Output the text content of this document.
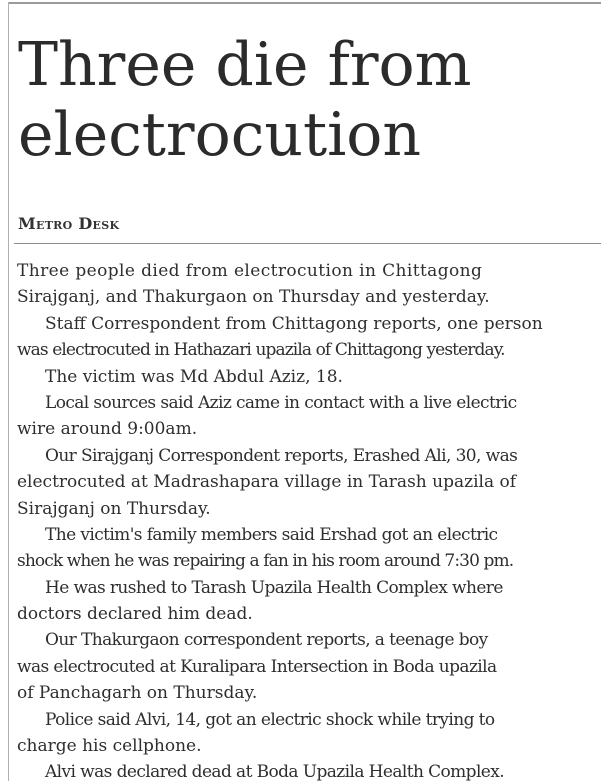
Three die from
electrocution
Metro Desk
Three people died from electrocution in Chittagong
Sirajganj, and Thakurgaon on Thursday and yesterday.
Staff Correspondent from Chittagong reports, one person
was electrocuted in Hathazari upazila of Chittagong yesterday.
The victim was Md Abdul Aziz, 18.
Local sources said Aziz came in contact with a live electric
wire around 9:00am.
Our Sirajganj Correspondent reports, Erashed Ali, 30, was
electrocuted at Madrashapara village in Tarash upazila of
Sirajganj on Thursday.
The victim's family members said Ershad got an electric
shock when he was repairing a fan in his room around 7:30 pm.
He was rushed to Tarash Upazila Health Complex where
doctors declared him dead.
Our Thakurgaon correspondent reports, a teenage boy
was electrocuted at Kuralipara Intersection in Boda upazila
of Panchagarh on Thursday.
Police said Alvi, 14, got an electric shock while trying to
charge his cellphone.
Alvi was declared dead at Boda Upazila Health Complex.
